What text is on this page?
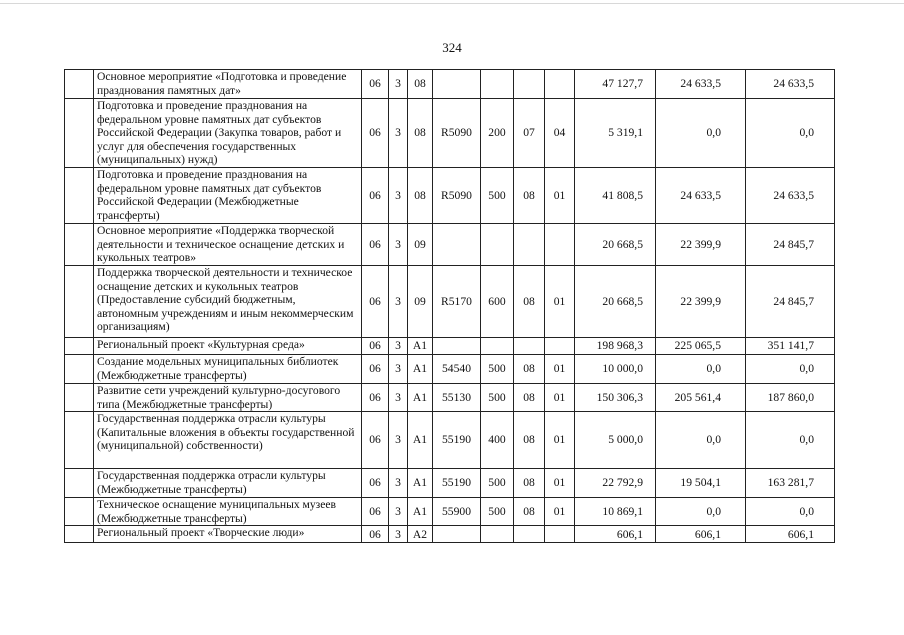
324
	Основное мероприятие «Подготовка и проведение празднования памятных дат»	06	3	08					47 127,7	24 633,5	24 633,5
	Подготовка и проведение празднования на федеральном уровне памятных дат субъектов Российской Федерации (Закупка товаров, работ и услуг для обеспечения государственных (муниципальных) нужд)	06	3	08	R5090	200	07	04	5 319,1	0,0	0,0
	Подготовка и проведение празднования на федеральном уровне памятных дат субъектов Российской Федерации (Межбюджетные трансферты)	06	3	08	R5090	500	08	01	41 808,5	24 633,5	24 633,5
	Основное мероприятие «Поддержка творческой деятельности и техническое оснащение детских и кукольных театров»	06	3	09					20 668,5	22 399,9	24 845,7
	Поддержка творческой деятельности и техническое оснащение детских и кукольных театров (Предоставление субсидий бюджетным, автономным учреждениям и иным некоммерческим организациям)	06	3	09	R5170	600	08	01	20 668,5	22 399,9	24 845,7
	Региональный проект «Культурная среда»	06	3	A1					198 968,3	225 065,5	351 141,7
	Создание модельных муниципальных библиотек (Межбюджетные трансферты)	06	3	A1	54540	500	08	01	10 000,0	0,0	0,0
	Развитие сети учреждений культурно-досугового типа (Межбюджетные трансферты)	06	3	A1	55130	500	08	01	150 306,3	205 561,4	187 860,0
	Государственная поддержка отрасли культуры (Капитальные вложения в объекты государственной (муниципальной) собственности)	06	3	A1	55190	400	08	01	5 000,0	0,0	0,0
	Государственная поддержка отрасли культуры (Межбюджетные трансферты)	06	3	A1	55190	500	08	01	22 792,9	19 504,1	163 281,7
	Техническое оснащение муниципальных музеев (Межбюджетные трансферты)	06	3	A1	55900	500	08	01	10 869,1	0,0	0,0
	Региональный проект «Творческие люди»	06	3	A2					606,1	606,1	606,1
